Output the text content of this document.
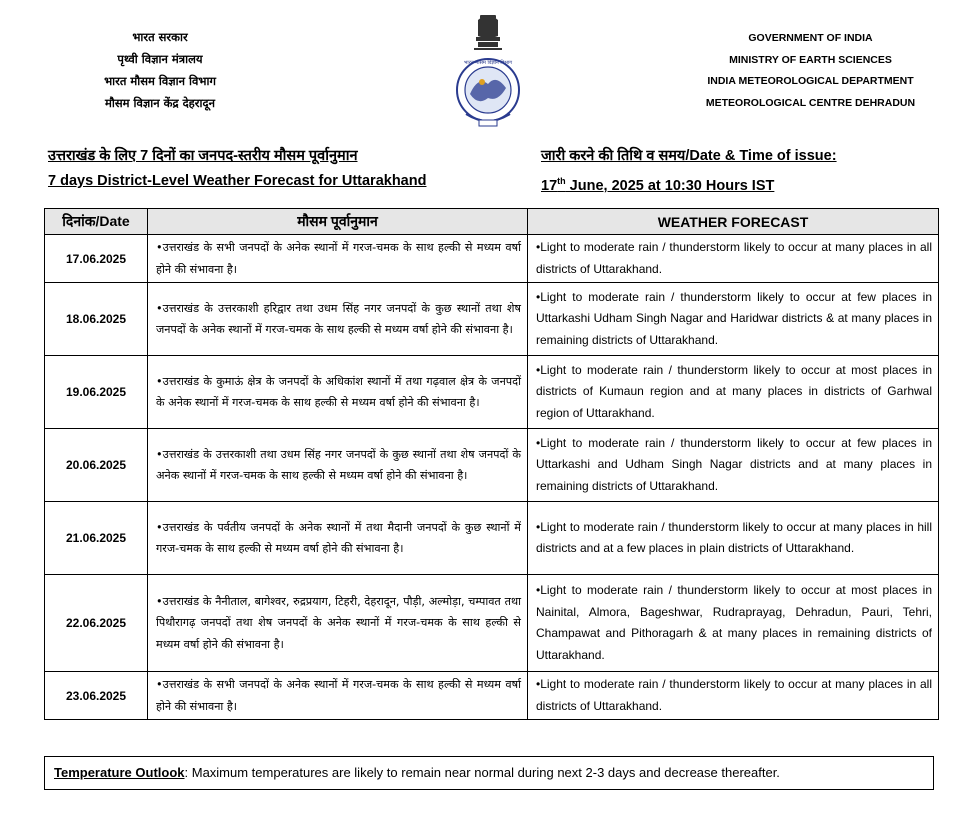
भारत सरकार
पृथ्वी विज्ञान मंत्रालय
भारत मौसम विज्ञान विभाग
मौसम विज्ञान केंद्र देहरादून
भारत मौसम विज्ञान विभाग
GOVERNMENT OF INDIA
MINISTRY OF EARTH SCIENCES
INDIA METEOROLOGICAL DEPARTMENT
METEOROLOGICAL CENTRE DEHRADUN
उत्तराखंड के लिए 7 दिनों का जनपद-स्तरीय मौसम पूर्वानुमान
7 days District-Level Weather Forecast for Uttarakhand
जारी करने की तिथि व समय/Date & Time of issue:
17th June, 2025 at 10:30 Hours IST
दिनांक/Date	मौसम पूर्वानुमान	WEATHER FORECAST
17.06.2025	•उत्तराखंड के सभी जनपदों के अनेक स्थानों में गरज-चमक के साथ हल्की से मध्यम वर्षा होने की संभावना है।	•Light to moderate rain / thunderstorm likely to occur at many places in all districts of Uttarakhand.
18.06.2025	•उत्तराखंड के उत्तरकाशी हरिद्वार तथा उधम सिंह नगर जनपदों के कुछ स्थानों तथा शेष जनपदों के अनेक स्थानों में गरज-चमक के साथ हल्की से मध्यम वर्षा होने की संभावना है।	•Light to moderate rain / thunderstorm likely to occur at few places in Uttarkashi Udham Singh Nagar and Haridwar districts & at many places in remaining districts of Uttarakhand.
19.06.2025	•उत्तराखंड के कुमाऊं क्षेत्र के जनपदों के अधिकांश स्थानों में तथा गढ़वाल क्षेत्र के जनपदों के अनेक स्थानों में गरज-चमक के साथ हल्की से मध्यम वर्षा होने की संभावना है।	•Light to moderate rain / thunderstorm likely to occur at most places in districts of Kumaun region and at many places in districts of Garhwal region of Uttarakhand.
20.06.2025	•उत्तराखंड के उत्तरकाशी तथा उधम सिंह नगर जनपदों के कुछ स्थानों तथा शेष जनपदों के अनेक स्थानों में गरज-चमक के साथ हल्की से मध्यम वर्षा होने की संभावना है।	•Light to moderate rain / thunderstorm likely to occur at few places in Uttarkashi and Udham Singh Nagar districts and at many places in remaining districts of Uttarakhand.
21.06.2025	•उत्तराखंड के पर्वतीय जनपदों के अनेक स्थानों में तथा मैदानी जनपदों के कुछ स्थानों में गरज-चमक के साथ हल्की से मध्यम वर्षा होने की संभावना है।	•Light to moderate rain / thunderstorm likely to occur at many places in hill districts and at a few places in plain districts of Uttarakhand.
22.06.2025	•उत्तराखंड के नैनीताल, बागेश्वर, रुद्रप्रयाग, टिहरी, देहरादून, पौड़ी, अल्मोड़ा, चम्पावत तथा पिथौरागढ़ जनपदों तथा शेष जनपदों के अनेक स्थानों में गरज-चमक के साथ हल्की से मध्यम वर्षा होने की संभावना है।	•Light to moderate rain / thunderstorm likely to occur at most places in Nainital, Almora, Bageshwar, Rudraprayag, Dehradun, Pauri, Tehri, Champawat and Pithoragarh & at many places in remaining districts of Uttarakhand.
23.06.2025	•उत्तराखंड के सभी जनपदों के अनेक स्थानों में गरज-चमक के साथ हल्की से मध्यम वर्षा होने की संभावना है।	•Light to moderate rain / thunderstorm likely to occur at many places in all districts of Uttarakhand.
Temperature Outlook: Maximum temperatures are likely to remain near normal during next 2-3 days and decrease thereafter.
